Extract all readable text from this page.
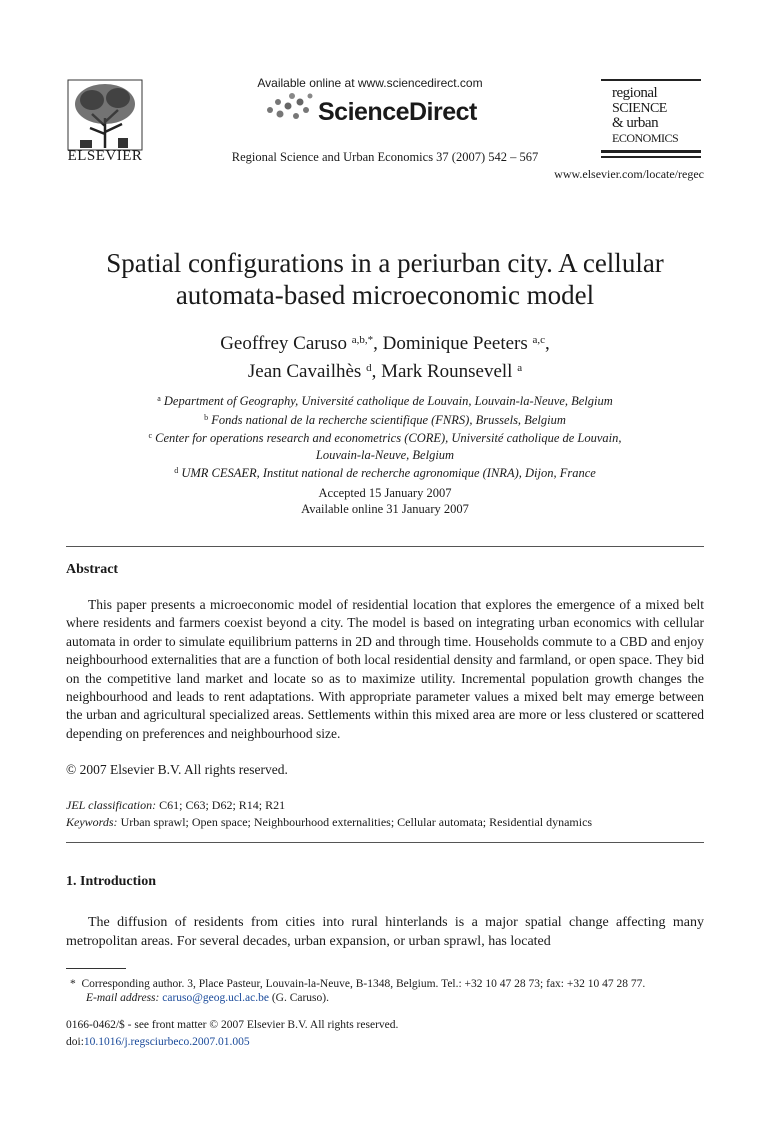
ELSEVIER
Available online at www.sciencedirect.com
ScienceDirect
Regional Science and Urban Economics 37 (2007) 542 – 567
regional
SCIENCE
& urban
ECONOMICS
www.elsevier.com/locate/regec
Spatial configurations in a periurban city. A cellular
automata-based microeconomic model
Geoffrey Caruso $^{a,b,*}$, Dominique Peeters $^{a,c}$,
Jean Cavailhès $^d$, Mark Rounsevell $^a$
$^a$ Department of Geography, Université catholique de Louvain, Louvain-la-Neuve, Belgium
$^b$ Fonds national de la recherche scientifique (FNRS), Brussels, Belgium
$^c$ Center for operations research and econometrics (CORE), Université catholique de Louvain,
Louvain-la-Neuve, Belgium
$^d$ UMR CESAER, Institut national de recherche agronomique (INRA), Dijon, France
Accepted 15 January 2007
Available online 31 January 2007
Abstract
This paper presents a microeconomic model of residential location that explores the emergence of a mixed belt where residents and farmers coexist beyond a city. The model is based on integrating urban economics with cellular automata in order to simulate equilibrium patterns in 2D and through time. Households commute to a CBD and enjoy neighbourhood externalities that are a function of both local residential density and farmland, or open space. They bid on the competitive land market and locate so as to maximize utility. Incremental population growth changes the neighbourhood and leads to rent adaptations. With appropriate parameter values a mixed belt may emerge between the urban and agricultural specialized areas. Settlements within this mixed area are more or less clustered or scattered depending on preferences and neighbourhood size.
© 2007 Elsevier B.V. All rights reserved.
JEL classification: C61; C63; D62; R14; R21
Keywords: Urban sprawl; Open space; Neighbourhood externalities; Cellular automata; Residential dynamics
1. Introduction
The diffusion of residents from cities into rural hinterlands is a major spatial change affecting many metropolitan areas. For several decades, urban expansion, or urban sprawl, has located
* Corresponding author. 3, Place Pasteur, Louvain-la-Neuve, B-1348, Belgium. Tel.: +32 10 47 28 73; fax: +32 10 47 28 77.
E-mail address: caruso@geog.ucl.ac.be (G. Caruso).
0166-0462/$ - see front matter © 2007 Elsevier B.V. All rights reserved.
doi:10.1016/j.regsciurbeco.2007.01.005
